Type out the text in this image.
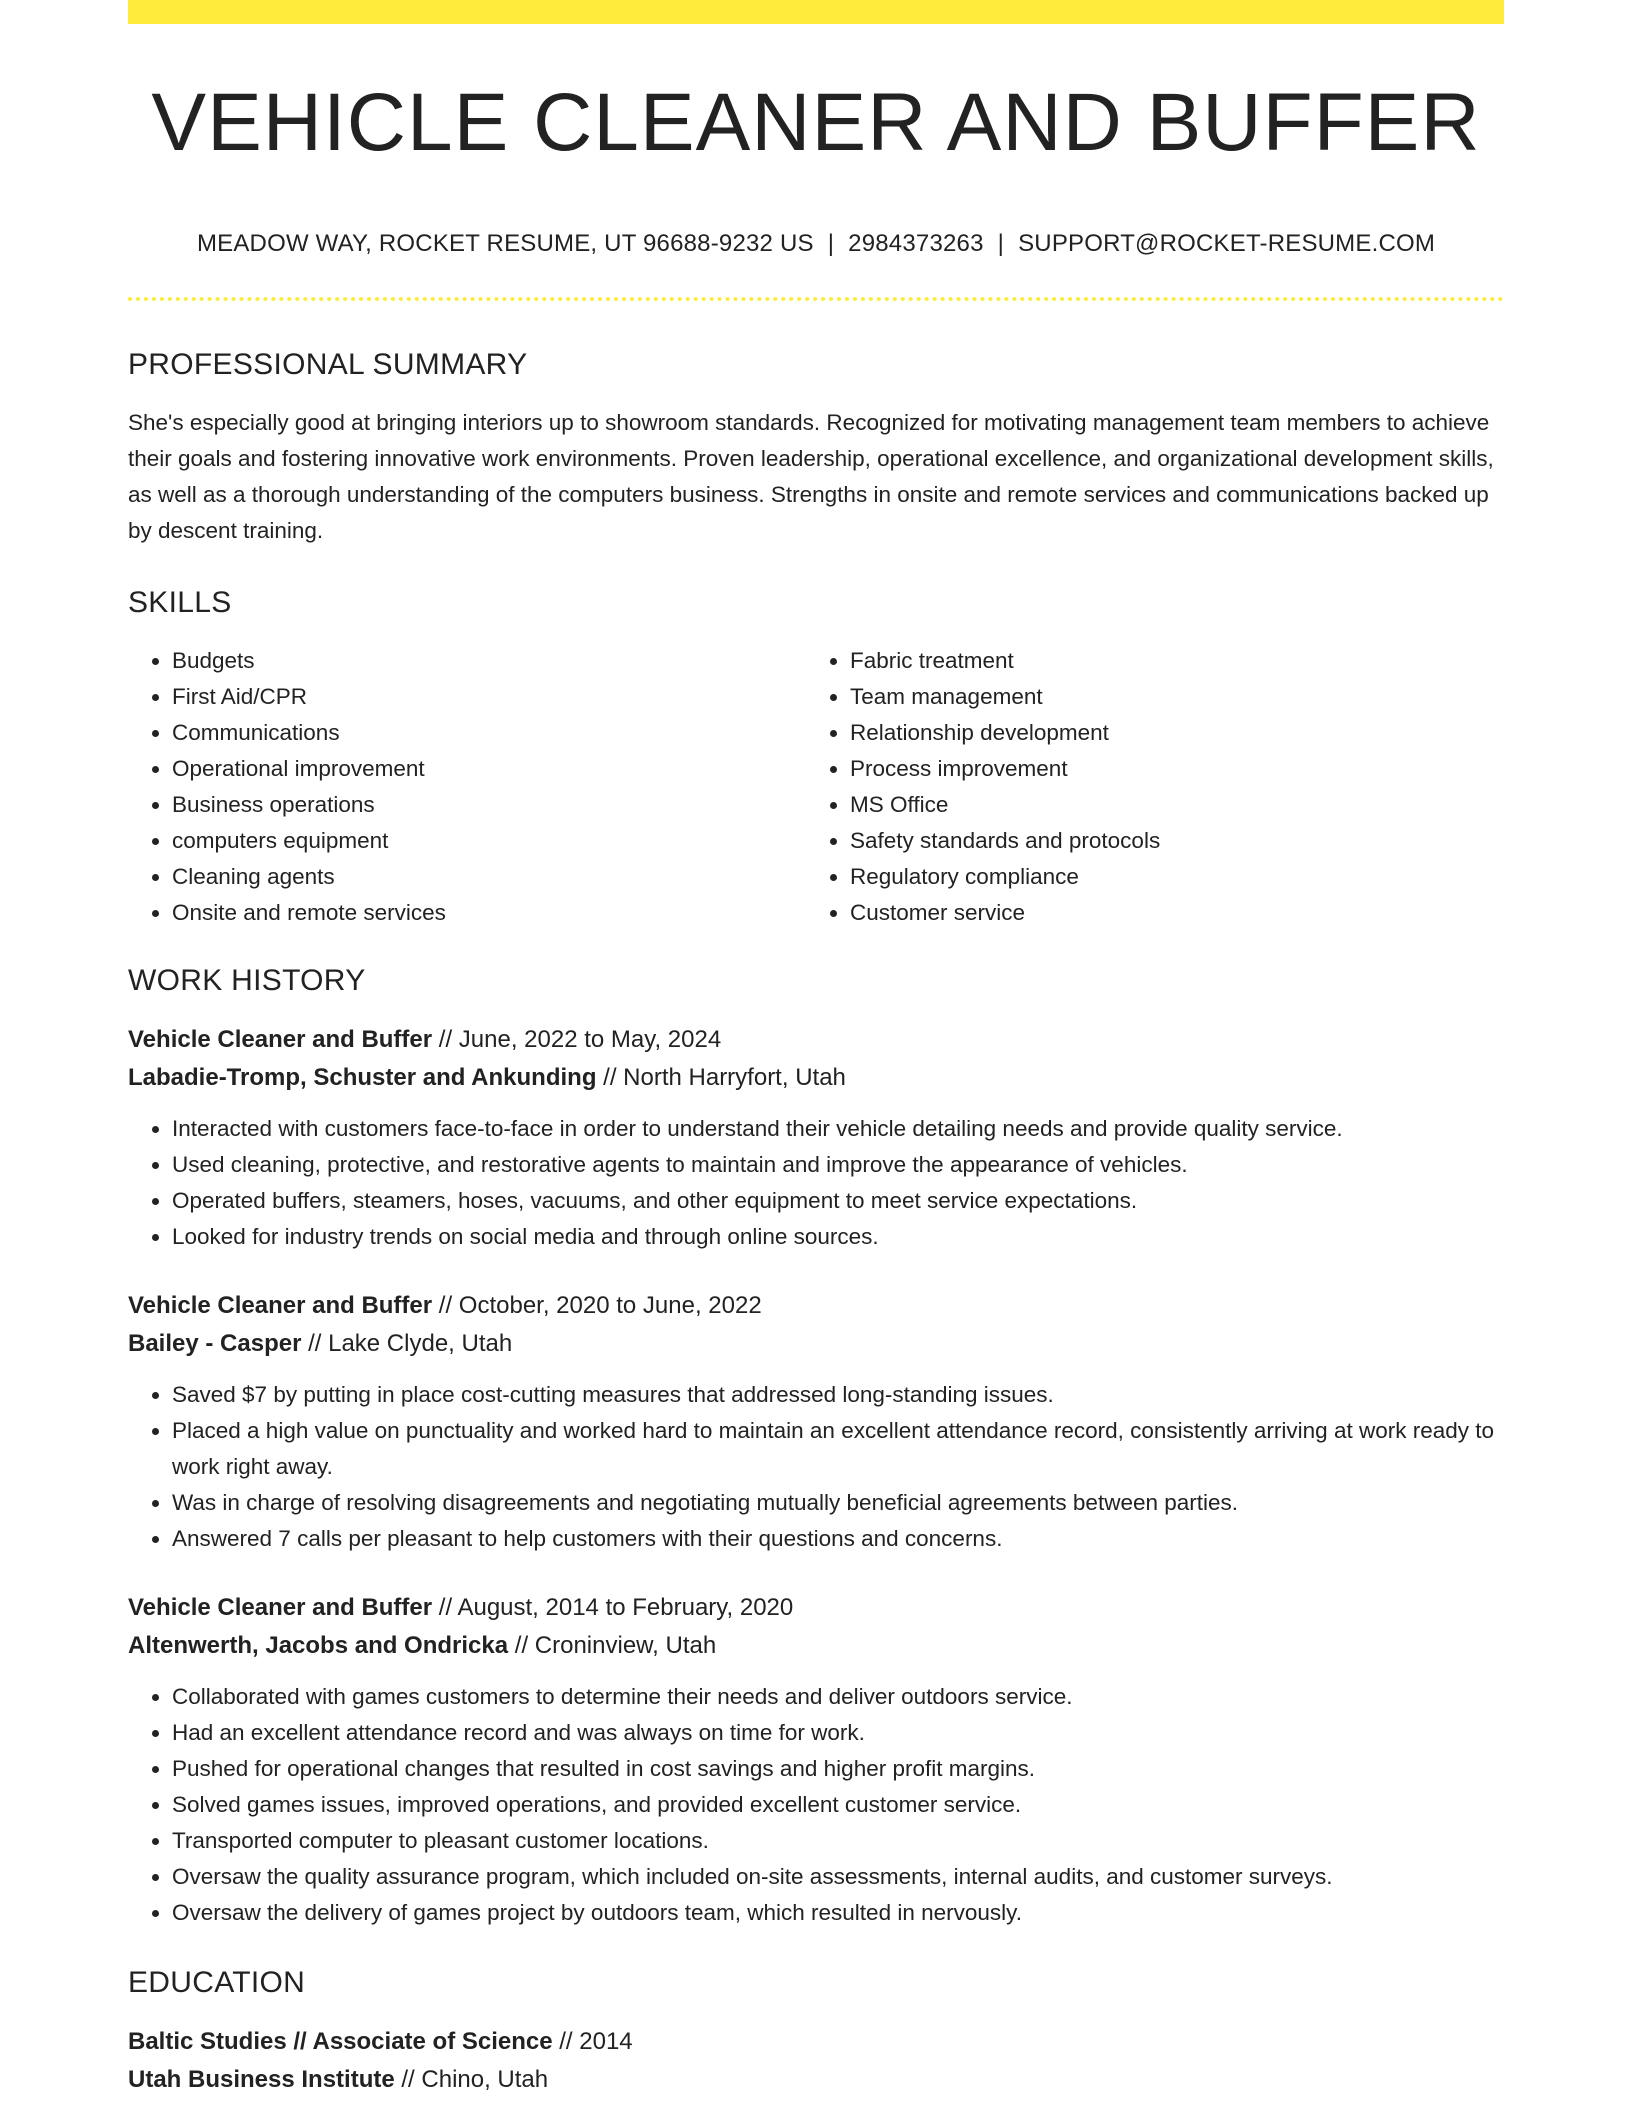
VEHICLE CLEANER AND BUFFER
MEADOW WAY, ROCKET RESUME, UT 96688-9232 US | 2984373263 | SUPPORT@ROCKET-RESUME.COM
PROFESSIONAL SUMMARY
She's especially good at bringing interiors up to showroom standards. Recognized for motivating management team members to achieve their goals and fostering innovative work environments. Proven leadership, operational excellence, and organizational development skills, as well as a thorough understanding of the computers business. Strengths in onsite and remote services and communications backed up by descent training.
SKILLS
• Budgets
• First Aid/CPR
• Communications
• Operational improvement
• Business operations
• computers equipment
• Cleaning agents
• Onsite and remote services
• Fabric treatment
• Team management
• Relationship development
• Process improvement
• MS Office
• Safety standards and protocols
• Regulatory compliance
• Customer service
WORK HISTORY
Vehicle Cleaner and Buffer // June, 2022 to May, 2024
Labadie-Tromp, Schuster and Ankunding // North Harryfort, Utah
• Interacted with customers face-to-face in order to understand their vehicle detailing needs and provide quality service.
• Used cleaning, protective, and restorative agents to maintain and improve the appearance of vehicles.
• Operated buffers, steamers, hoses, vacuums, and other equipment to meet service expectations.
• Looked for industry trends on social media and through online sources.
Vehicle Cleaner and Buffer // October, 2020 to June, 2022
Bailey - Casper // Lake Clyde, Utah
• Saved $7 by putting in place cost-cutting measures that addressed long-standing issues.
• Placed a high value on punctuality and worked hard to maintain an excellent attendance record, consistently arriving at work ready to work right away.
• Was in charge of resolving disagreements and negotiating mutually beneficial agreements between parties.
• Answered 7 calls per pleasant to help customers with their questions and concerns.
Vehicle Cleaner and Buffer // August, 2014 to February, 2020
Altenwerth, Jacobs and Ondricka // Croninview, Utah
• Collaborated with games customers to determine their needs and deliver outdoors service.
• Had an excellent attendance record and was always on time for work.
• Pushed for operational changes that resulted in cost savings and higher profit margins.
• Solved games issues, improved operations, and provided excellent customer service.
• Transported computer to pleasant customer locations.
• Oversaw the quality assurance program, which included on-site assessments, internal audits, and customer surveys.
• Oversaw the delivery of games project by outdoors team, which resulted in nervously.
EDUCATION
Baltic Studies // Associate of Science // 2014
Utah Business Institute // Chino, Utah
